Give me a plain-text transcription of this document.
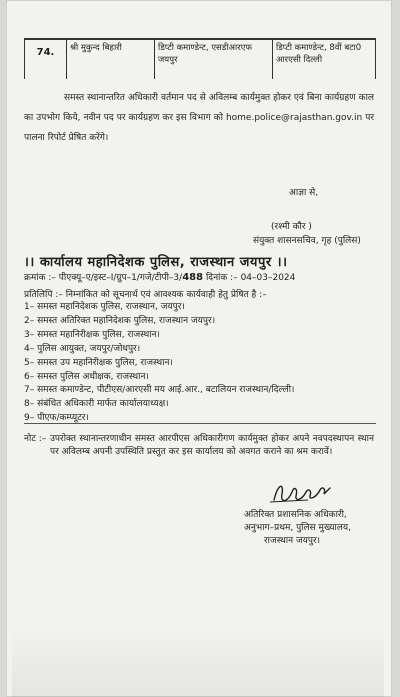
74.	श्री मुकुन्द बिहारी	डिप्टी कमाण्डेन्ट, एसडीआरएफ जयपुर
डिप्टी कमाण्डेन्ट, 8वीं बटा0 आरएसी दिल्ली
समस्त स्थानान्तरित अधिकारी वर्तमान पद से अविलम्ब कार्यमुक्त होकर एवं बिना कार्यग्रहण काल का उपभोग किये, नवीन पद पर कार्यग्रहण कर इस विभाग को home.police@rajasthan.gov.in पर पालना रिपोर्ट प्रेषित करेंगे।
आज्ञा से,
(रश्मी कौर )
संयुक्त शासनसचिव, गृह (पुलिस)
।। कार्यालय महानिदेशक पुलिस, राजस्थान जयपुर ।।
क्रमांक :– पीएक्यू–ए/इस्ट–I/ग्रुप–1/गजे/टीपी–3/488 दिनांक :– 04–03–2024
प्रतिलिपि :– निम्नांकित को सूचनार्थ एवं आवश्यक कार्यवाही हेतु प्रेषित है :–
1– समस्त महानिदेशक पुलिस, राजस्थान, जयपुर।
2– समस्त अतिरिक्त महानिदेशक पुलिस, राजस्थान जयपुर।
3– समस्त महानिरीक्षक पुलिस, राजस्थान।
4– पुलिस आयुक्त, जयपुर/जोधपुर।
5– समस्त उप महानिरीक्षक पुलिस, राजस्थान।
6– समस्त पुलिस अधीक्षक, राजस्थान।
7– समस्त कमाण्डेन्ट, पीटीएस/आरएसी मय आई.आर., बटालियन राजस्थान/दिल्ली।
8– संबंधित अधिकारी मार्फत कार्यालयाध्यक्ष।
9– पीएफ/कम्प्यूटर।
नोट :– उपरोक्त स्थानान्तरणाधीन समस्त आरपीएस अधिकारीगण कार्यमुक्त होकर अपने नवपदस्थापन स्थान पर अविलम्ब अपनी उपस्थिति प्रस्तुत कर इस कार्यालय को अवगत कराने का श्रम करावें।
अतिरिक्त प्रशासनिक अधिकारी,
अनुभाग–प्रथम, पुलिस मुख्यालय,
राजस्थान जयपुर।
